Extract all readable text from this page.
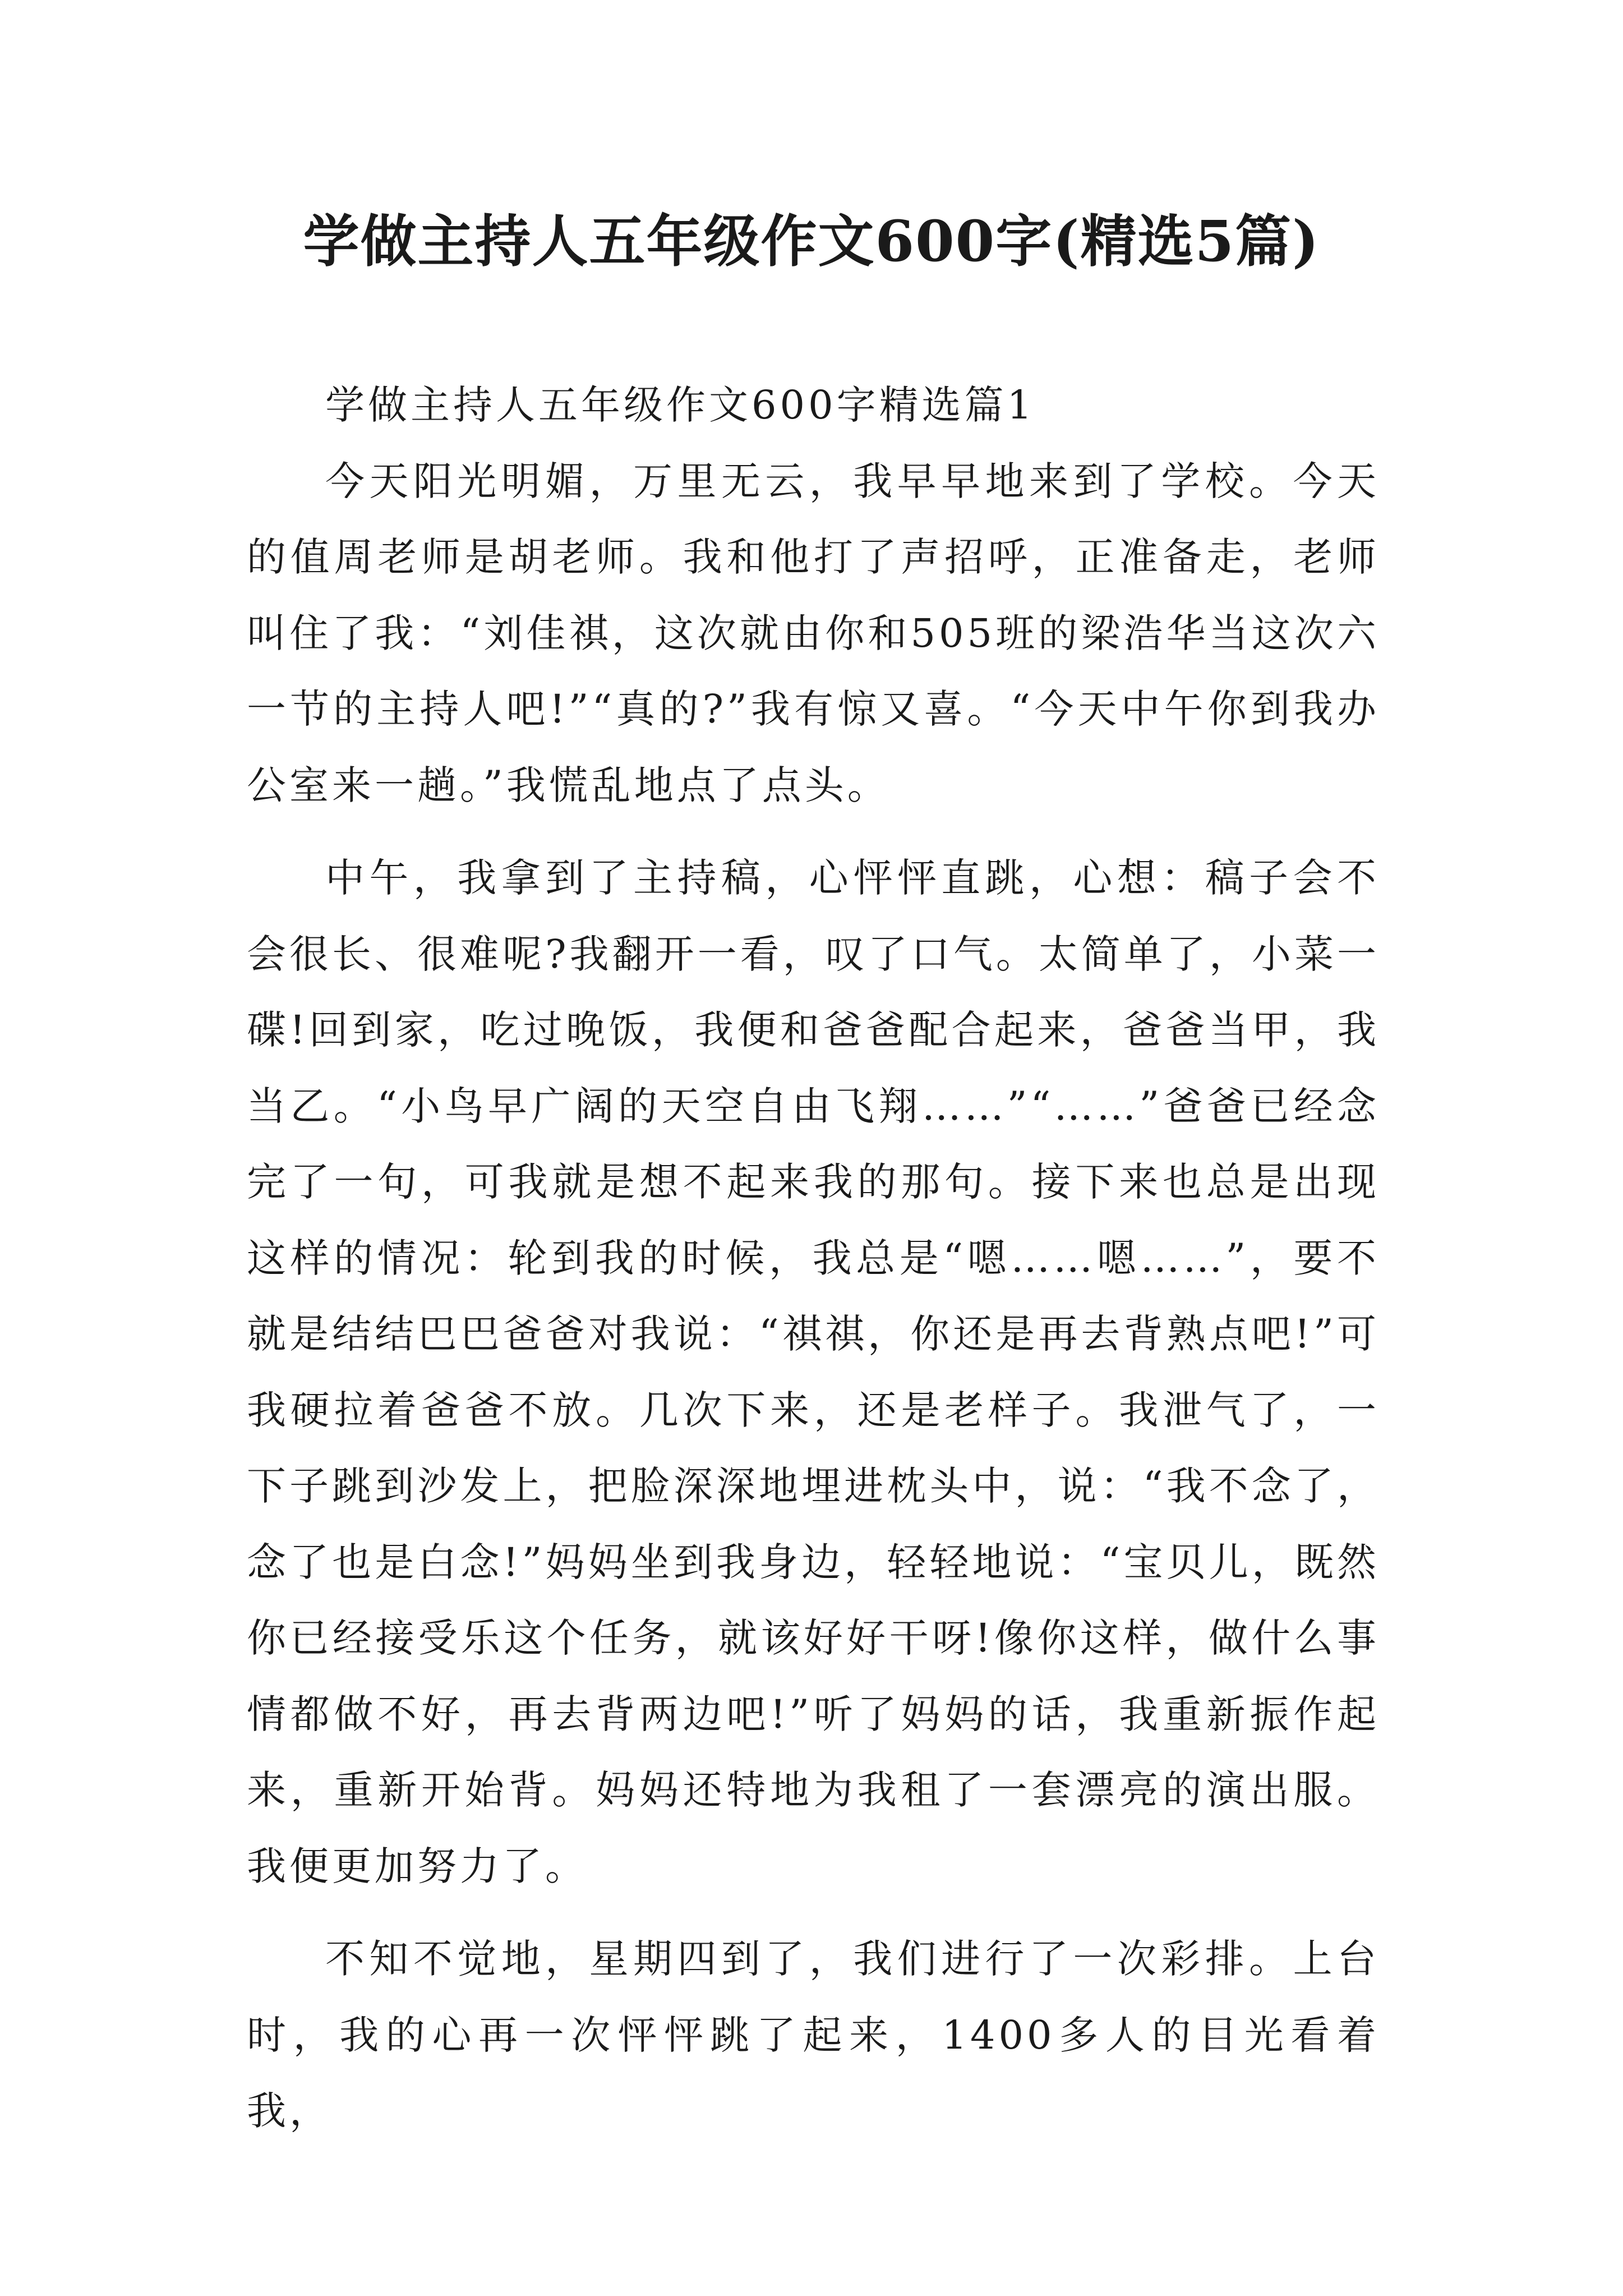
学做主持人五年级作文600字(精选5篇)

学做主持人五年级作文600字精选篇1

今天阳光明媚，万里无云，我早早地来到了学校。今天的值周老师是胡老师。我和他打了声招呼，正准备走，老师叫住了我：“刘佳祺，这次就由你和505班的梁浩华当这次六一节的主持人吧!”“真的?”我有惊又喜。“今天中午你到我办公室来一趟。”我慌乱地点了点头。

中午，我拿到了主持稿，心怦怦直跳，心想：稿子会不会很长、很难呢?我翻开一看，叹了口气。太简单了，小菜一碟!回到家，吃过晚饭，我便和爸爸配合起来，爸爸当甲，我当乙。“小鸟早广阔的天空自由飞翔……”“……”爸爸已经念完了一句，可我就是想不起来我的那句。接下来也总是出现这样的情况：轮到我的时候，我总是“嗯……嗯……”，要不就是结结巴巴爸爸对我说：“祺祺，你还是再去背熟点吧!”可我硬拉着爸爸不放。几次下来，还是老样子。我泄气了，一下子跳到沙发上，把脸深深地埋进枕头中，说：“我不念了，念了也是白念!”妈妈坐到我身边，轻轻地说：“宝贝儿，既然你已经接受乐这个任务，就该好好干呀!像你这样，做什么事情都做不好，再去背两边吧!”听了妈妈的话，我重新振作起来，重新开始背。妈妈还特地为我租了一套漂亮的演出服。我便更加努力了。

不知不觉地，星期四到了，我们进行了一次彩排。上台时，我的心再一次怦怦跳了起来，1400多人的目光看着我，
